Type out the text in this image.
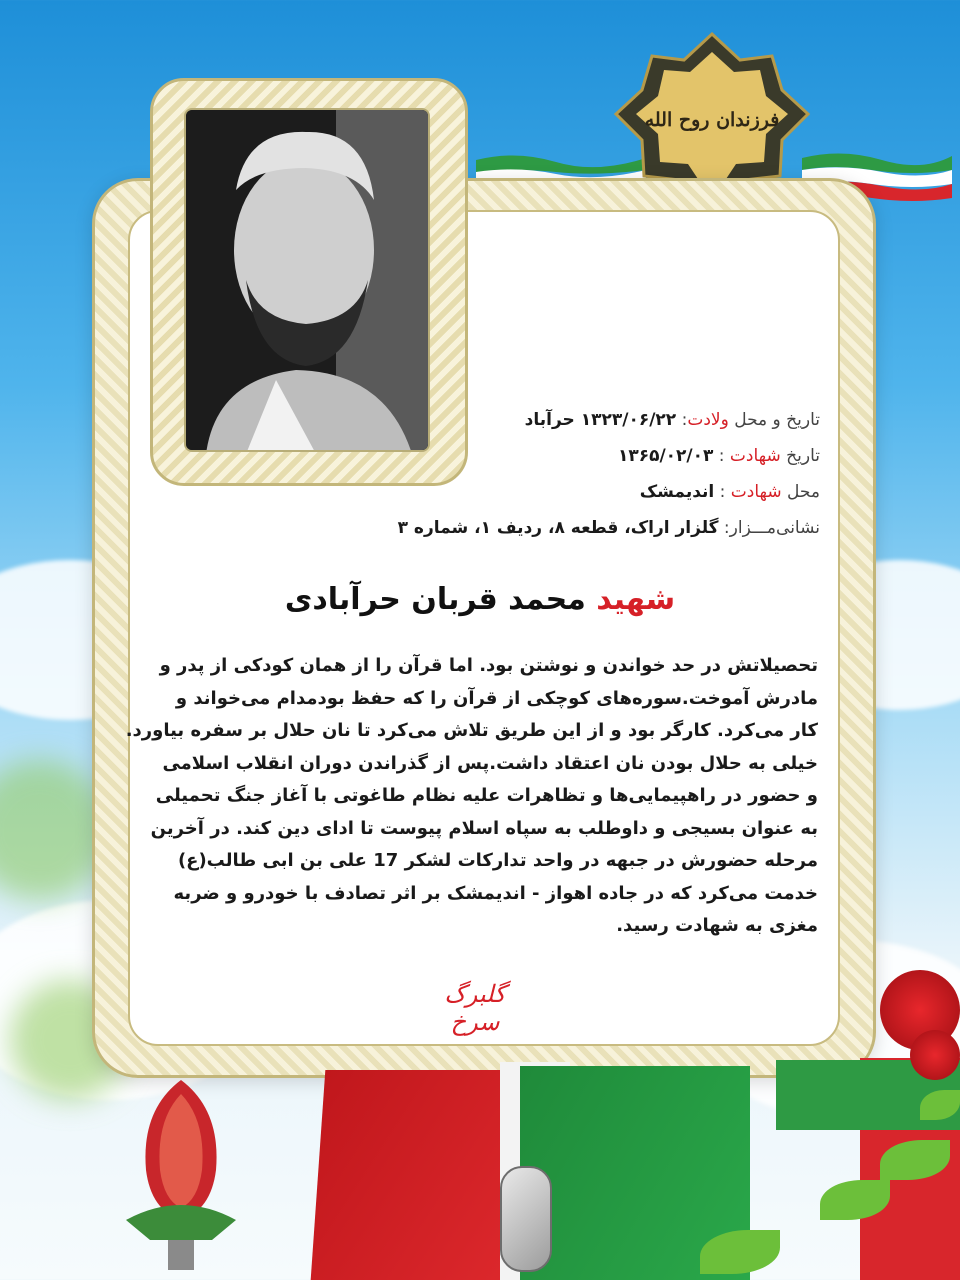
فرزندان روح الله
تاریخ و محل ولادت: ۱۳۲۳/۰۶/۲۲ حرآباد
تاریخ شهادت : ۱۳۶۵/۰۲/۰۳
محل شهادت : اندیمشک
نشانی‌مـــزار: گلزار اراک، قطعه ۸، ردیف ۱، شماره ۳
شهید محمد قربان حرآبادی
تحصیلاتش در حد خواندن و نوشتن بود. اما قرآن را از همان کودکی از پدر و
مادرش آموخت.سوره‌های کوچکی از قرآن را که حفظ بودمدام می‌خواند و
کار می‌کرد. کارگر بود و از این طریق تلاش می‌کرد تا نان حلال بر سفره بیاورد.
خیلی به حلال بودن نان اعتقاد داشت.پس از گذراندن دوران انقلاب اسلامی
و حضور در راهپیمایی‌ها و تظاهرات علیه نظام طاغوتی با آغاز جنگ تحمیلی
به عنوان بسیجی و داوطلب به سپاه اسلام پیوست تا ادای دین کند. در آخرین
مرحله حضورش در جبهه در واحد تدارکات لشکر 17 علی بن ابی طالب(ع)
خدمت می‌کرد که در جاده اهواز - اندیمشک بر اثر تصادف با خودرو و ضربه
مغزی به شهادت رسید.
گلبرگ سرخ
